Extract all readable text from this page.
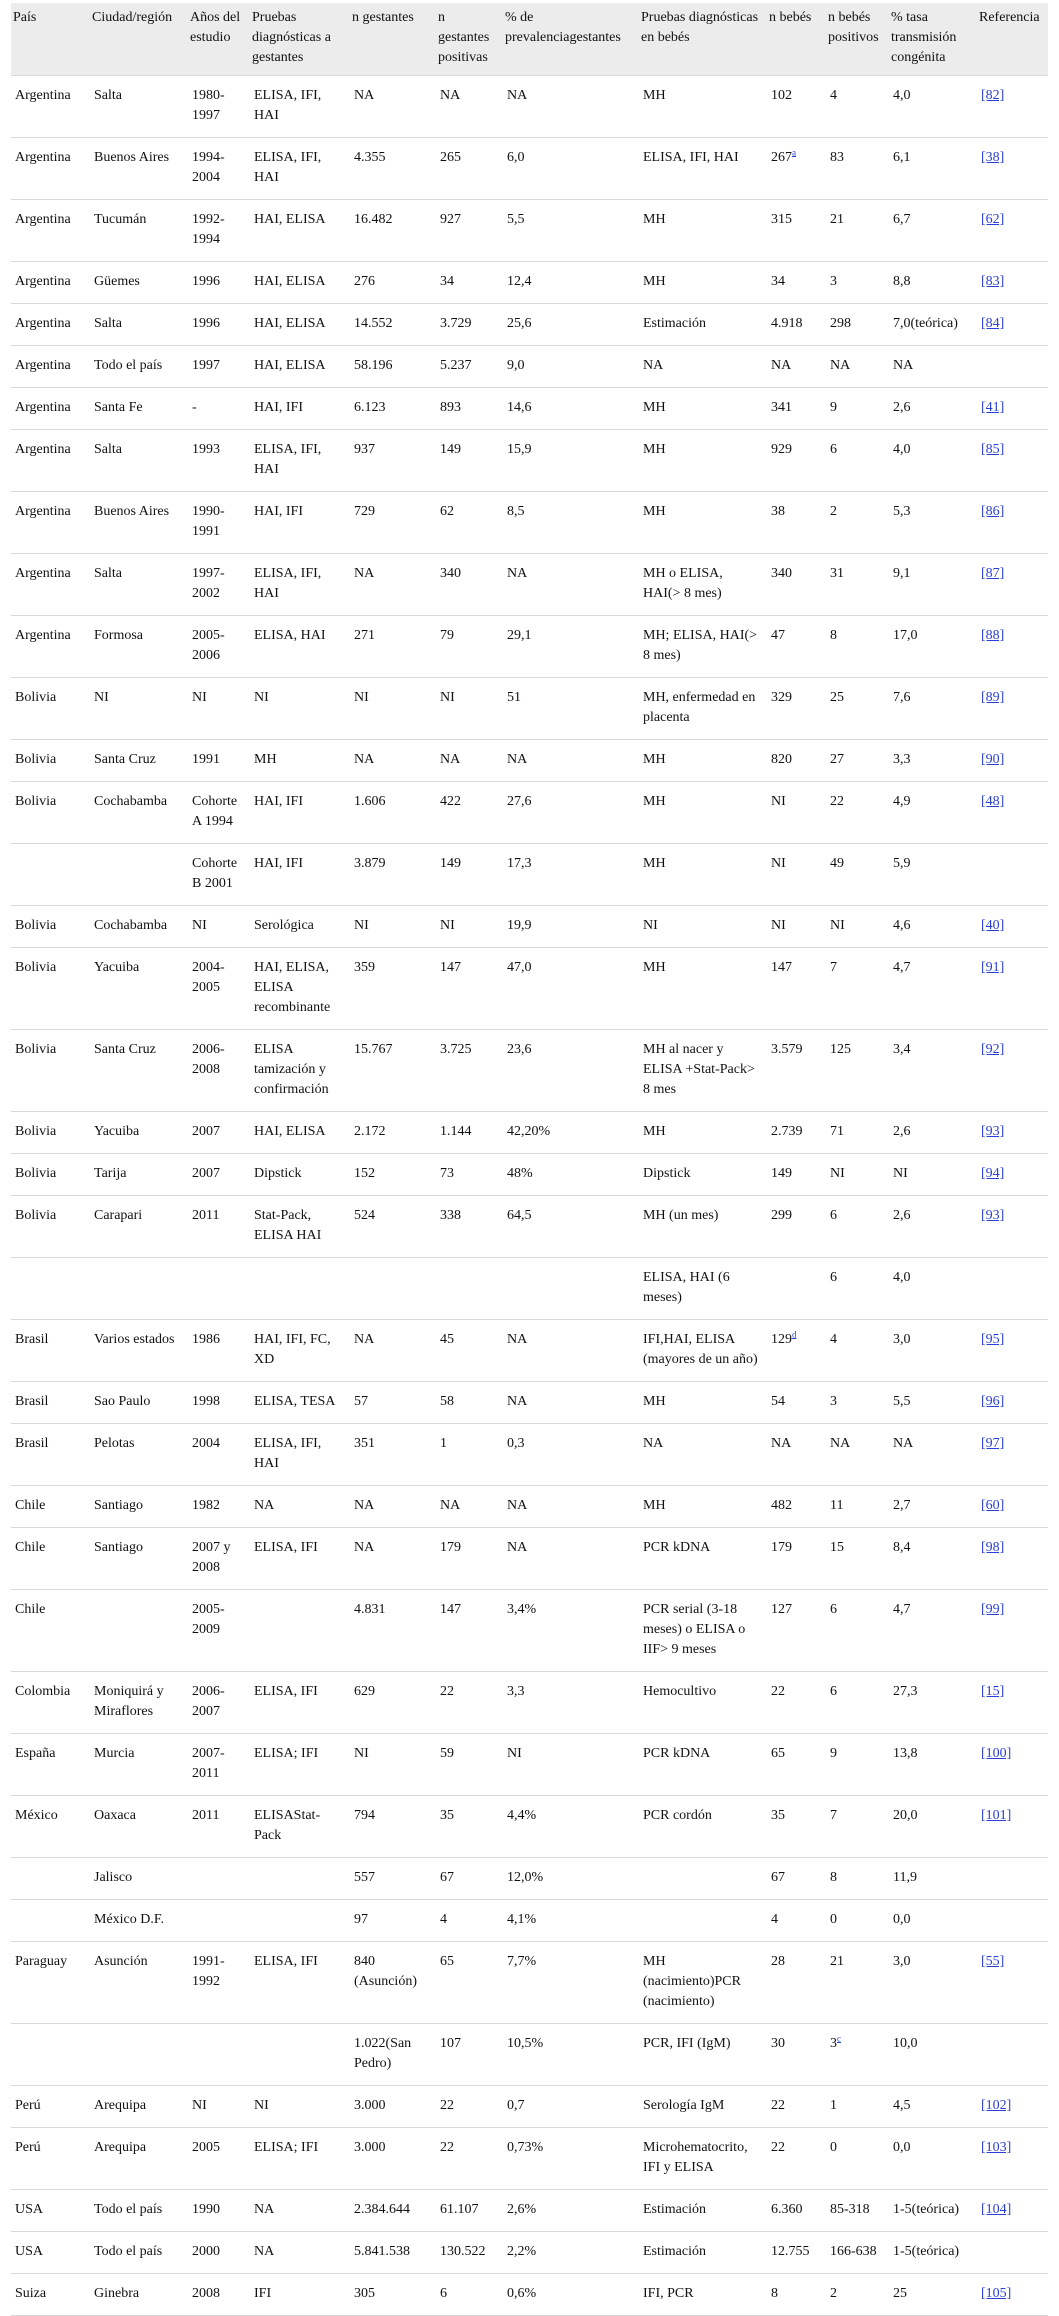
País	Ciudad/región	Años del estudio	Pruebas diagnósticas a gestantes	n gestantes	n gestantes positivas	% de prevalenciagestantes	Pruebas diagnósticas en bebés	n bebés	n bebés positivos	% tasa transmisión congénita	Referencia
Argentina	Salta	1980-1997	ELISA, IFI, HAI	NA	NA	NA	MH	102	4	4,0	[82]
Argentina	Buenos Aires	1994-2004	ELISA, IFI, HAI	4.355	265	6,0	ELISA, IFI, HAI	267$^a$	83	6,1	[38]
Argentina	Tucumán	1992-1994	HAI, ELISA	16.482	927	5,5	MH	315	21	6,7	[62]
Argentina	Güemes	1996	HAI, ELISA	276	34	12,4	MH	34	3	8,8	[83]
Argentina	Salta	1996	HAI, ELISA	14.552	3.729	25,6	Estimación	4.918	298	7,0(teórica)	[84]
Argentina	Todo el país	1997	HAI, ELISA	58.196	5.237	9,0	NA	NA	NA	NA	
Argentina	Santa Fe	-	HAI, IFI	6.123	893	14,6	MH	341	9	2,6	[41]
Argentina	Salta	1993	ELISA, IFI, HAI	937	149	15,9	MH	929	6	4,0	[85]
Argentina	Buenos Aires	1990-1991	HAI, IFI	729	62	8,5	MH	38	2	5,3	[86]
Argentina	Salta	1997-2002	ELISA, IFI, HAI	NA	340	NA	MH o ELISA, HAI(> 8 mes)	340	31	9,1	[87]
Argentina	Formosa	2005-2006	ELISA, HAI	271	79	29,1	MH; ELISA, HAI(> 8 mes)	47	8	17,0	[88]
Bolivia	NI	NI	NI	NI	NI	51	MH, enfermedad en placenta	329	25	7,6	[89]
Bolivia	Santa Cruz	1991	MH	NA	NA	NA	MH	820	27	3,3	[90]
Bolivia	Cochabamba	Cohorte A 1994	HAI, IFI	1.606	422	27,6	MH	NI	22	4,9	[48]
		Cohorte B 2001	HAI, IFI	3.879	149	17,3	MH	NI	49	5,9	
Bolivia	Cochabamba	NI	Serológica	NI	NI	19,9	NI	NI	NI	4,6	[40]
Bolivia	Yacuiba	2004-2005	HAI, ELISA, ELISA recombinante	359	147	47,0	MH	147	7	4,7	[91]
Bolivia	Santa Cruz	2006-2008	ELISA tamización y confirmación	15.767	3.725	23,6	MH al nacer y ELISA +Stat-Pack> 8 mes	3.579	125	3,4	[92]
Bolivia	Yacuiba	2007	HAI, ELISA	2.172	1.144	42,20%	MH	2.739	71	2,6	[93]
Bolivia	Tarija	2007	Dipstick	152	73	48%	Dipstick	149	NI	NI	[94]
Bolivia	Carapari	2011	Stat-Pack, ELISA HAI	524	338	64,5	MH (un mes)	299	6	2,6	[93]
							ELISA, HAI (6 meses)		6	4,0	
Brasil	Varios estados	1986	HAI, IFI, FC, XD	NA	45	NA	IFI,HAI, ELISA (mayores de un año)	129$^d$	4	3,0	[95]
Brasil	Sao Paulo	1998	ELISA, TESA	57	58	NA	MH	54	3	5,5	[96]
Brasil	Pelotas	2004	ELISA, IFI, HAI	351	1	0,3	NA	NA	NA	NA	[97]
Chile	Santiago	1982	NA	NA	NA	NA	MH	482	11	2,7	[60]
Chile	Santiago	2007 y 2008	ELISA, IFI	NA	179	NA	PCR kDNA	179	15	8,4	[98]
Chile		2005-2009		4.831	147	3,4%	PCR serial (3-18 meses) o ELISA o IIF> 9 meses	127	6	4,7	[99]
Colombia	Moniquirá y Miraflores	2006-2007	ELISA, IFI	629	22	3,3	Hemocultivo	22	6	27,3	[15]
España	Murcia	2007-2011	ELISA; IFI	NI	59	NI	PCR kDNA	65	9	13,8	[100]
México	Oaxaca	2011	ELISAStat-Pack	794	35	4,4%	PCR cordón	35	7	20,0	[101]
	Jalisco			557	67	12,0%		67	8	11,9	
	México D.F.			97	4	4,1%		4	0	0,0	
Paraguay	Asunción	1991-1992	ELISA, IFI	840 (Asunción)	65	7,7%	MH (nacimiento)PCR (nacimiento)	28	21	3,0	[55]
				1.022(San Pedro)	107	10,5%	PCR, IFI (IgM)	30	3$^c$	10,0	
Perú	Arequipa	NI	NI	3.000	22	0,7	Serología IgM	22	1	4,5	[102]
Perú	Arequipa	2005	ELISA; IFI	3.000	22	0,73%	Microhematocrito, IFI y ELISA	22	0	0,0	[103]
USA	Todo el país	1990	NA	2.384.644	61.107	2,6%	Estimación	6.360	85-318	1-5(teórica)	[104]
USA	Todo el país	2000	NA	5.841.538	130.522	2,2%	Estimación	12.755	166-638	1-5(teórica)	
Suiza	Ginebra	2008	IFI	305	6	0,6%	IFI, PCR	8	2	25	[105]
